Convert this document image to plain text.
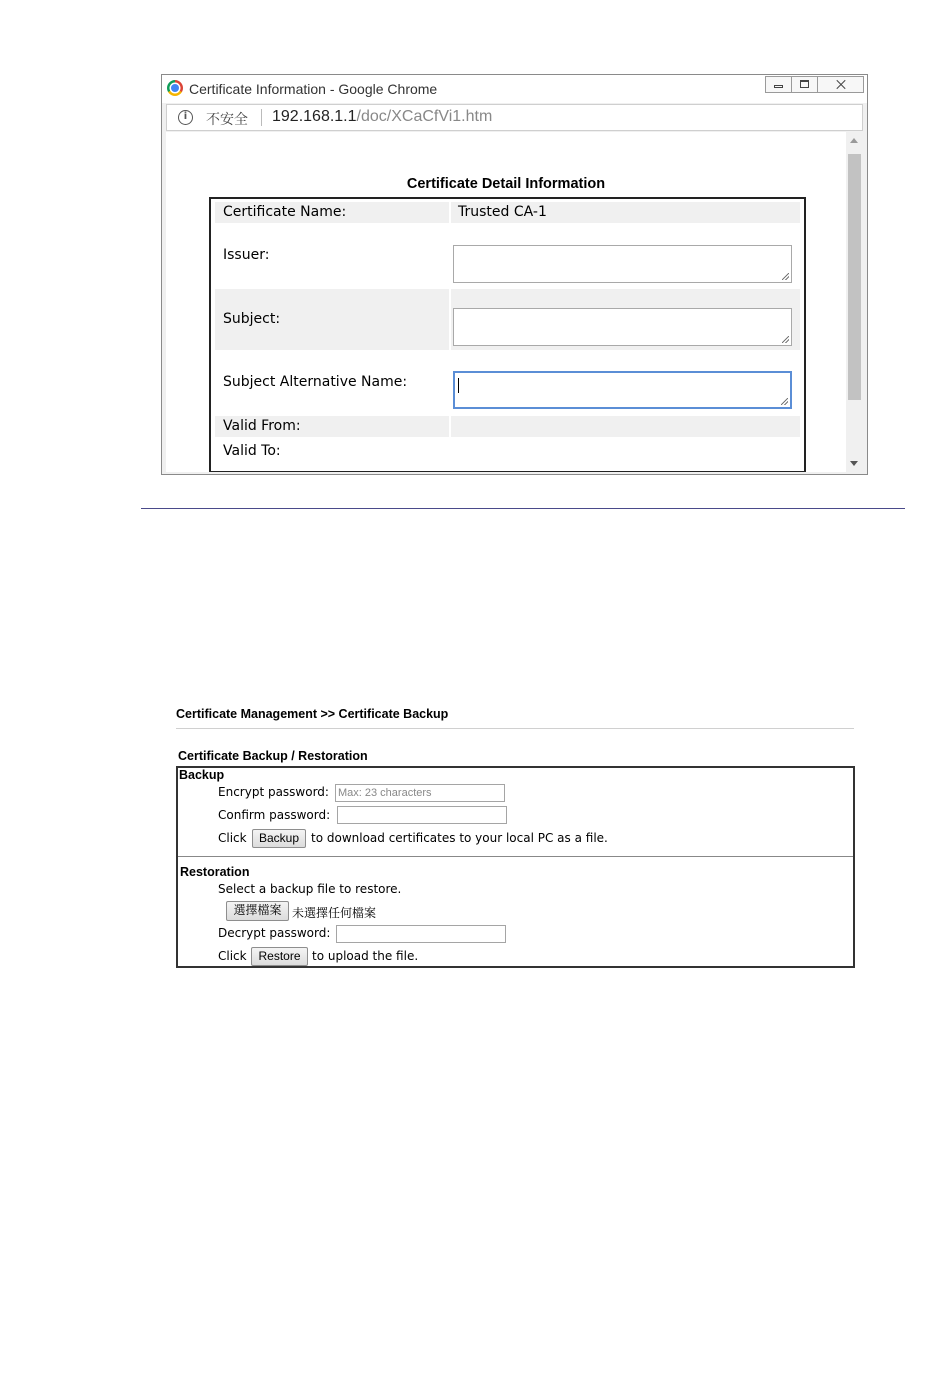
Certificate Information - Google Chrome
i	不安全 192.168.1.1/doc/XCaCfVi1.htm
Certificate Detail Information
Certificate Name:	Trusted CA-1
Issuer:
Subject:
Subject Alternative Name:
Valid From:
Valid To:
Certificate Management >> Certificate Backup
Certificate Backup / Restoration
Backup
Encrypt password: Max: 23 characters
Confirm password:
Click	Backup to download certificates to your local PC as a file.
Restoration
Select a backup file to restore.
選擇檔案 未選擇任何檔案
Decrypt password:
Click Restore to upload the file.
